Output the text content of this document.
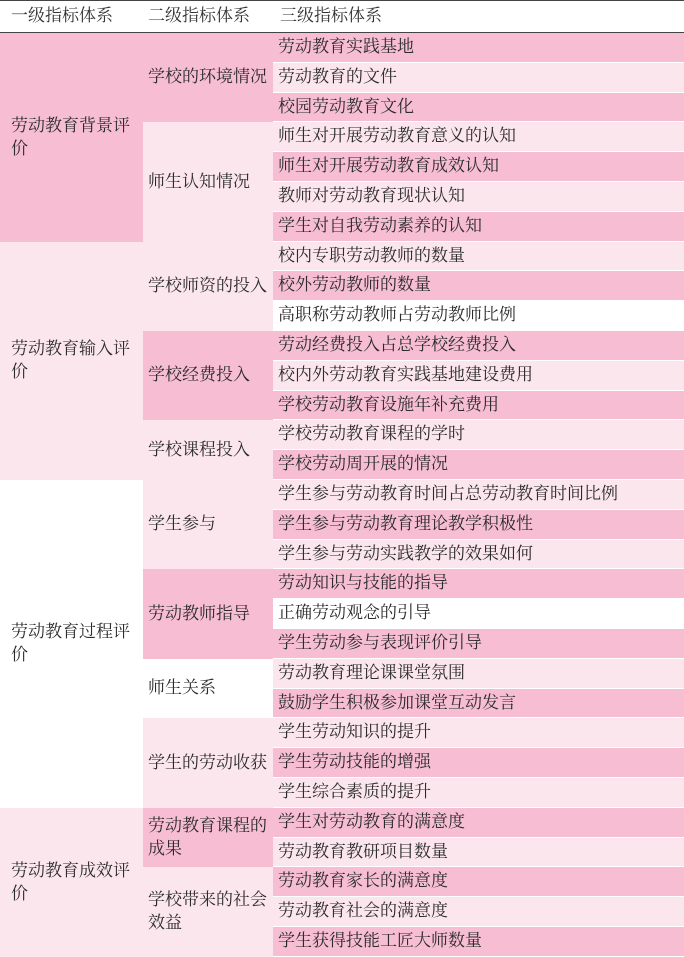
一级指标体系 二级指标体系 三级指标体系
劳动教育背景评价
劳动教育输入评价
劳动教育过程评价
劳动教育成效评价
学校的环境情况
师生认知情况
学校师资的投入
学校经费投入
学校课程投入
学生参与
劳动教师指导
师生关系
学生的劳动收获
劳动教育课程的成果
学校带来的社会效益
劳动教育实践基地
劳动教育的文件
校园劳动教育文化
师生对开展劳动教育意义的认知
师生对开展劳动教育成效认知
教师对劳动教育现状认知
学生对自我劳动素养的认知
校内专职劳动教师的数量
校外劳动教师的数量
高职称劳动教师占劳动教师比例
劳动经费投入占总学校经费投入
校内外劳动教育实践基地建设费用
学校劳动教育设施年补充费用
学校劳动教育课程的学时
学校劳动周开展的情况
学生参与劳动教育时间占总劳动教育时间比例
学生参与劳动教育理论教学积极性
学生参与劳动实践教学的效果如何
劳动知识与技能的指导
正确劳动观念的引导
学生劳动参与表现评价引导
劳动教育理论课课堂氛围
鼓励学生积极参加课堂互动发言
学生劳动知识的提升
学生劳动技能的增强
学生综合素质的提升
学生对劳动教育的满意度
劳动教育教研项目数量
劳动教育家长的满意度
劳动教育社会的满意度
学生获得技能工匠大师数量
